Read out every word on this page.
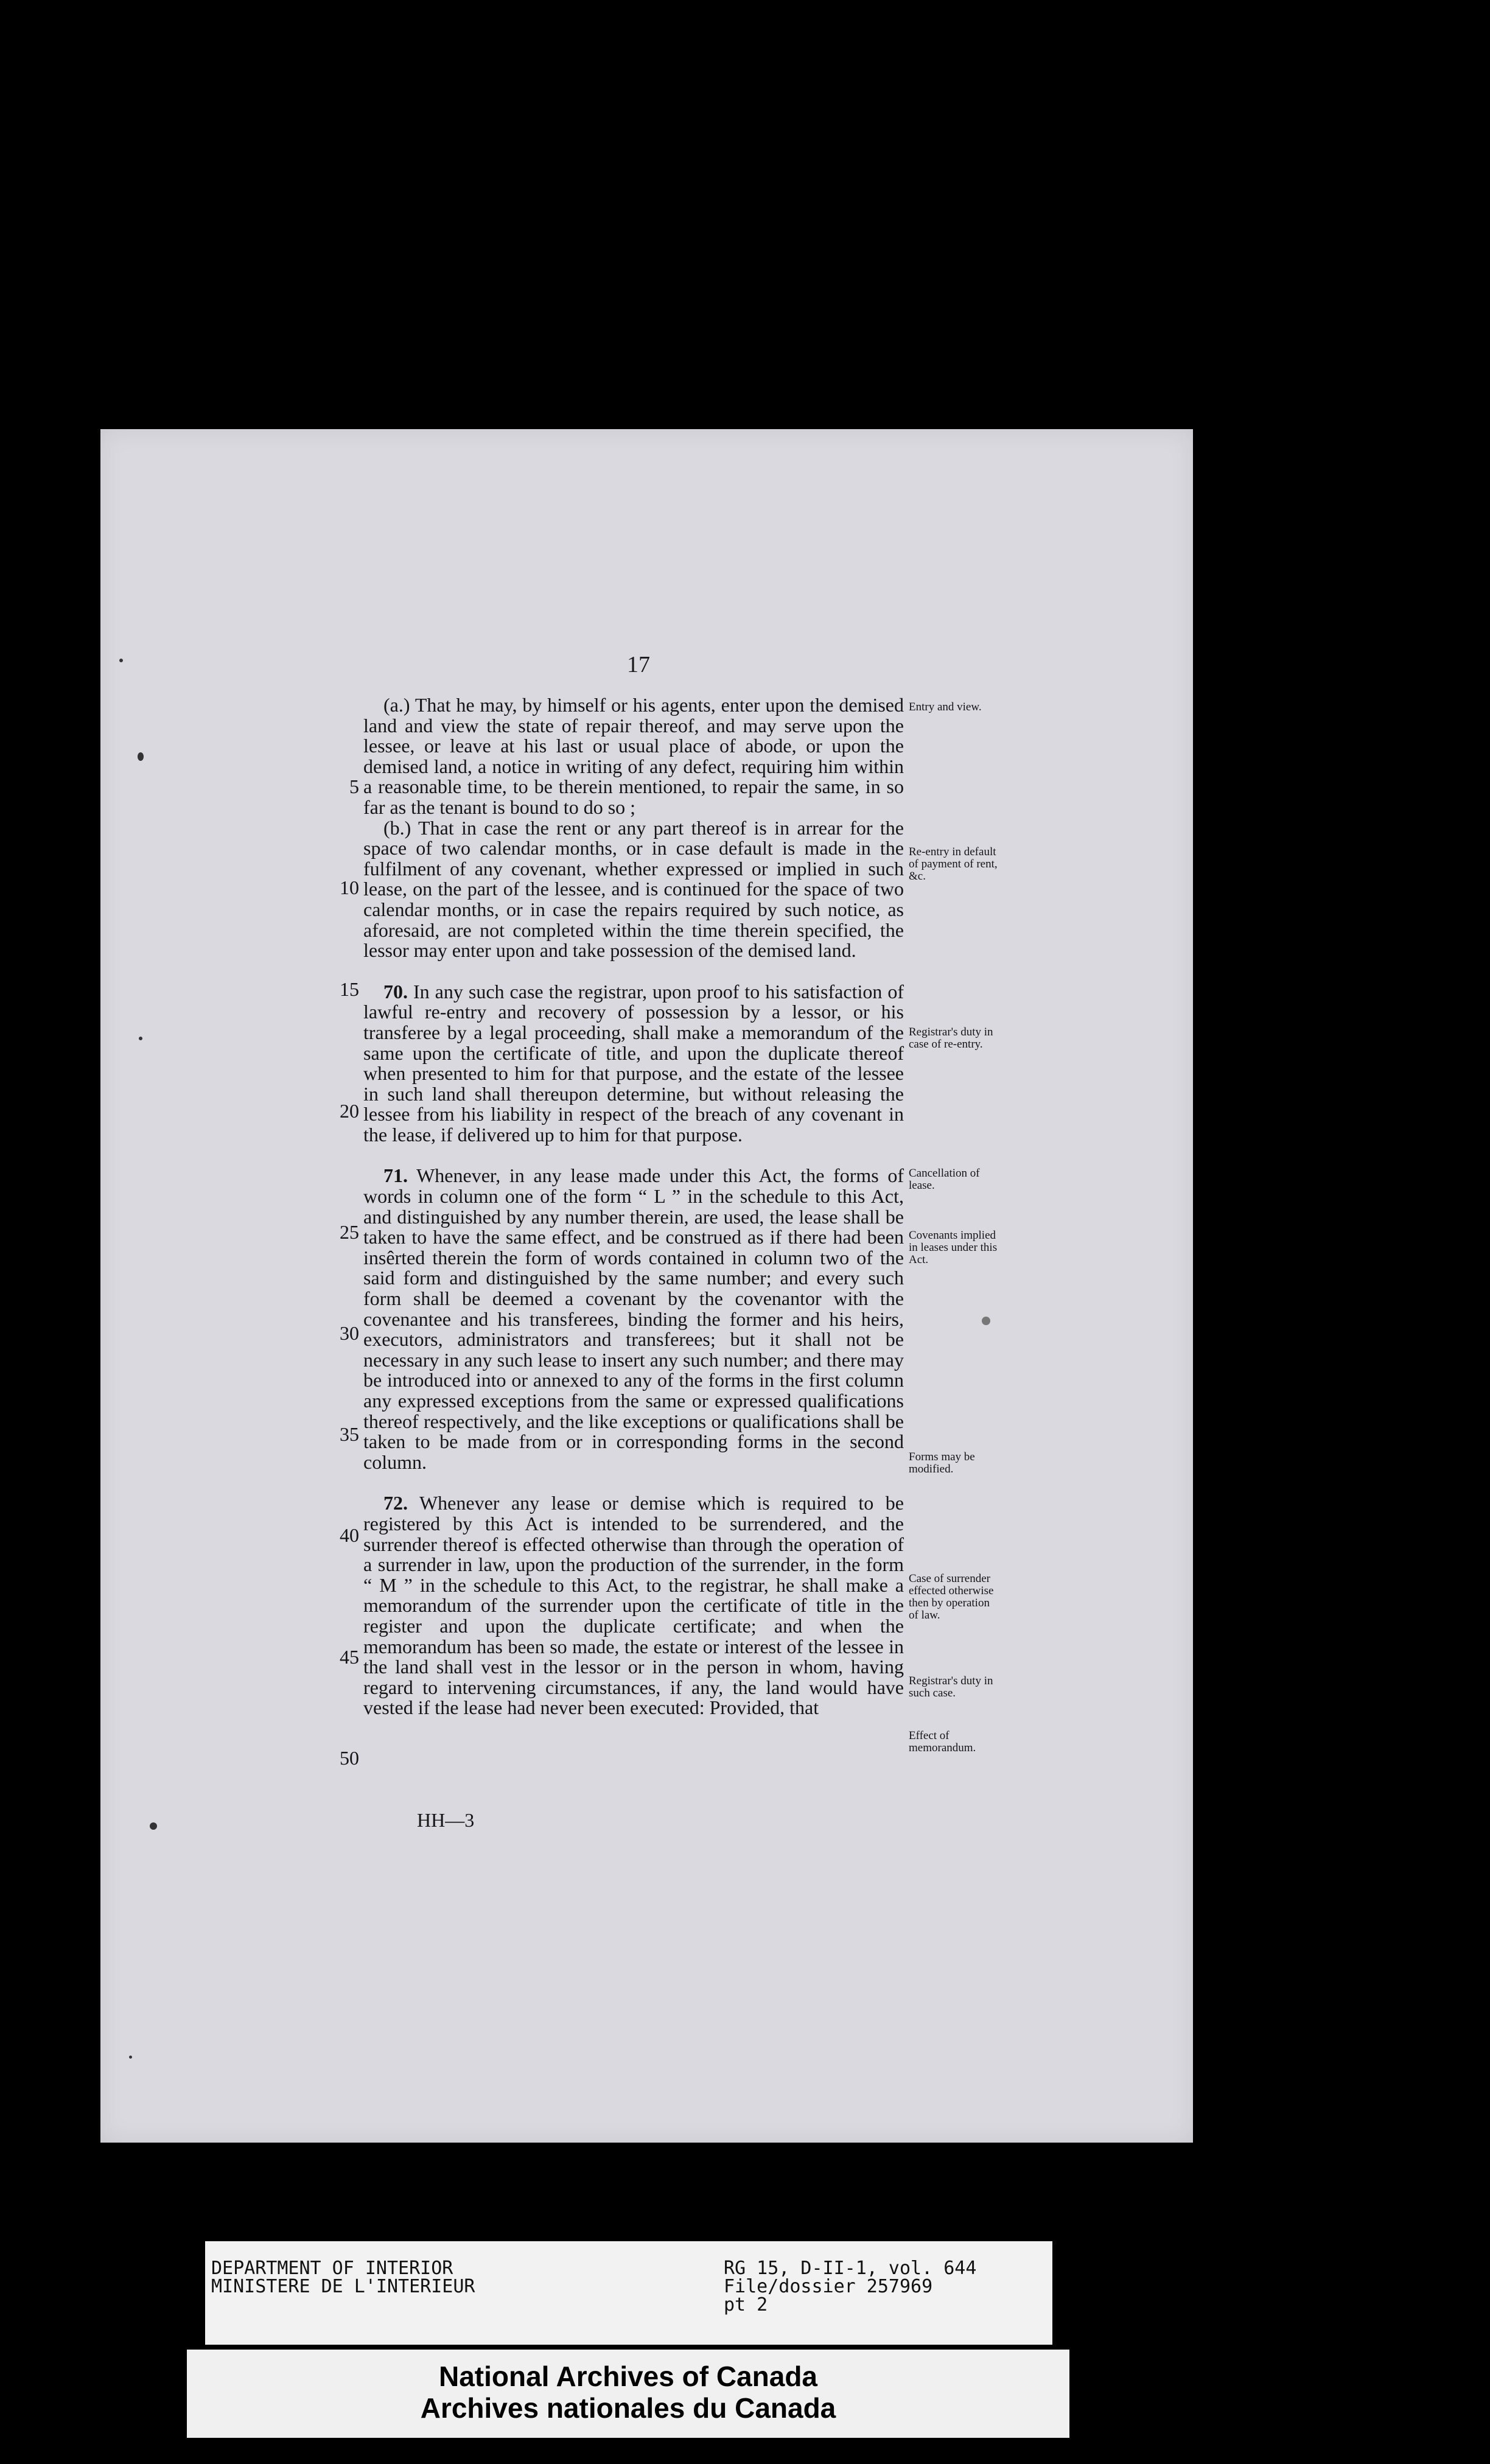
17

(a.) That he may, by himself or his agents, enter upon the demised land and view the state of repair thereof, and may serve upon the lessee, or leave at his last or usual place of abode, or upon the demised land, a notice in writing of any defect, requiring him within a reasonable time, to be therein mentioned, to repair the same, in so far as the tenant is bound to do so ;

(b.) That in case the rent or any part thereof is in arrear for the space of two calendar months, or in case default is made in the fulfilment of any covenant, whether expressed or implied in such lease, on the part of the lessee, and is continued for the space of two calendar months, or in case the repairs required by such notice, as aforesaid, are not completed within the time therein specified, the lessor may enter upon and take possession of the demised land.

70. In any such case the registrar, upon proof to his satisfaction of lawful re-entry and recovery of possession by a lessor, or his transferee by a legal proceeding, shall make a memorandum of the same upon the certificate of title, and upon the duplicate thereof when presented to him for that purpose, and the estate of the lessee in such land shall thereupon determine, but without releasing the lessee from his liability in respect of the breach of any covenant in the lease, if delivered up to him for that purpose.

71. Whenever, in any lease made under this Act, the forms of words in column one of the form “ L ” in the schedule to this Act, and distinguished by any number therein, are used, the lease shall be taken to have the same effect, and be construed as if there had been insêrted therein the form of words contained in column two of the said form and distinguished by the same number; and every such form shall be deemed a covenant by the covenantor with the covenantee and his transferees, binding the former and his heirs, executors, administrators and transferees; but it shall not be necessary in any such lease to insert any such number; and there may be introduced into or annexed to any of the forms in the first column any expressed exceptions from the same or expressed qualifications thereof respectively, and the like exceptions or qualifications shall be taken to be made from or in corresponding forms in the second column.

72. Whenever any lease or demise which is required to be registered by this Act is intended to be surrendered, and the surrender thereof is effected otherwise than through the operation of a surrender in law, upon the production of the surrender, in the form “ M ” in the schedule to this Act, to the registrar, he shall make a memorandum of the surrender upon the certificate of title in the register and upon the duplicate certificate; and when the memorandum has been so made, the estate or interest of the lessee in the land shall vest in the lessor or in the person in whom, having regard to intervening circumstances, if any, the land would have vested if the lease had never been executed: Provided, that

5
10
15
20
25
30
35
40
45
50
Entry and view.
Re-entry in default of payment of rent, &c.
Registrar's duty in case of re-entry.
Cancellation of lease.
Covenants implied in leases under this Act.
Forms may be modified.
Case of surrender effected otherwise then by operation of law.
Registrar's duty in such case.
Effect of memorandum.
HH—3
DEPARTMENT OF INTERIOR
MINISTERE DE L'INTERIEUR
RG 15, D-II-1, vol. 644
File/dossier 257969
pt 2
National Archives of Canada
Archives nationales du Canada
